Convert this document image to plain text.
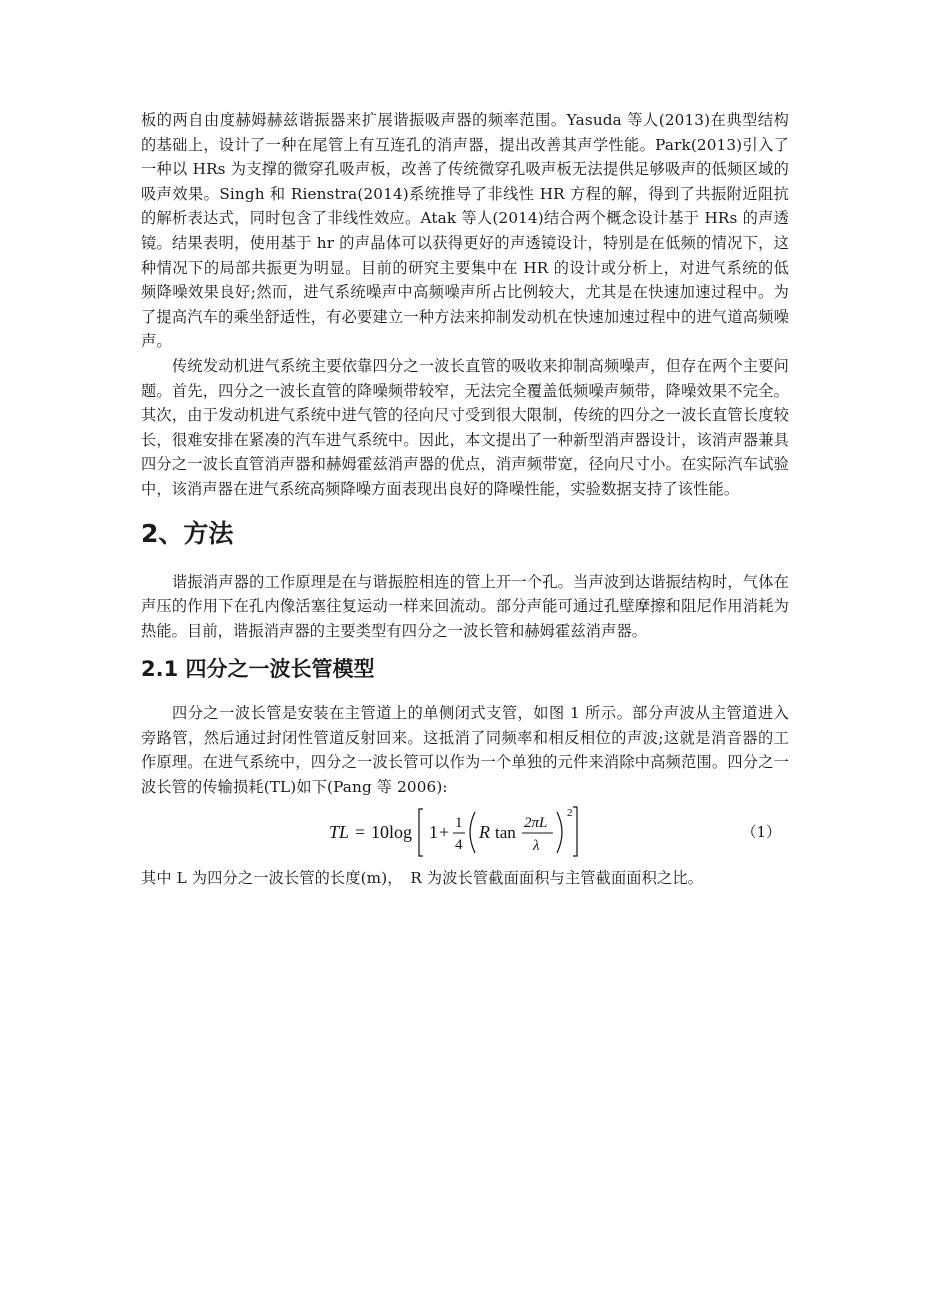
板的两自由度赫姆赫兹谐振器来扩展谐振吸声器的频率范围。Yasuda 等人(2013)在典型结构的基础上，设计了一种在尾管上有互连孔的消声器，提出改善其声学性能。Park(2013)引入了一种以 HRs 为支撑的微穿孔吸声板，改善了传统微穿孔吸声板无法提供足够吸声的低频区域的吸声效果。Singh 和 Rienstra(2014)系统推导了非线性 HR 方程的解，得到了共振附近阻抗的解析表达式，同时包含了非线性效应。Atak 等人(2014)结合两个概念设计基于 HRs 的声透镜。结果表明，使用基于 hr 的声晶体可以获得更好的声透镜设计，特别是在低频的情况下，这种情况下的局部共振更为明显。目前的研究主要集中在 HR 的设计或分析上，对进气系统的低频降噪效果良好;然而，进气系统噪声中高频噪声所占比例较大，尤其是在快速加速过程中。为了提高汽车的乘坐舒适性，有必要建立一种方法来抑制发动机在快速加速过程中的进气道高频噪声。

传统发动机进气系统主要依靠四分之一波长直管的吸收来抑制高频噪声，但存在两个主要问题。首先，四分之一波长直管的降噪频带较窄，无法完全覆盖低频噪声频带，降噪效果不完全。其次，由于发动机进气系统中进气管的径向尺寸受到很大限制，传统的四分之一波长直管长度较长，很难安排在紧凑的汽车进气系统中。因此，本文提出了一种新型消声器设计，该消声器兼具四分之一波长直管消声器和赫姆霍兹消声器的优点，消声频带宽，径向尺寸小。在实际汽车试验中，该消声器在进气系统高频降噪方面表现出良好的降噪性能，实验数据支持了该性能。

2、方法

谐振消声器的工作原理是在与谐振腔相连的管上开一个孔。当声波到达谐振结构时，气体在声压的作用下在孔内像活塞往复运动一样来回流动。部分声能可通过孔壁摩擦和阻尼作用消耗为热能。目前，谐振消声器的主要类型有四分之一波长管和赫姆霍兹消声器。

2.1 四分之一波长管模型

四分之一波长管是安装在主管道上的单侧闭式支管，如图 1 所示。部分声波从主管道进入旁路管，然后通过封闭性管道反射回来。这抵消了同频率和相反相位的声波;这就是消音器的工作原理。在进气系统中，四分之一波长管可以作为一个单独的元件来消除中高频范围。四分之一波长管的传输损耗(TL)如下(Pang 等 2006):

TL = 10log 1 + 1
4
R tan 2πL
λ
2
（1）

其中 L 为四分之一波长管的长度(m)，　R 为波长管截面面积与主管截面面积之比。
